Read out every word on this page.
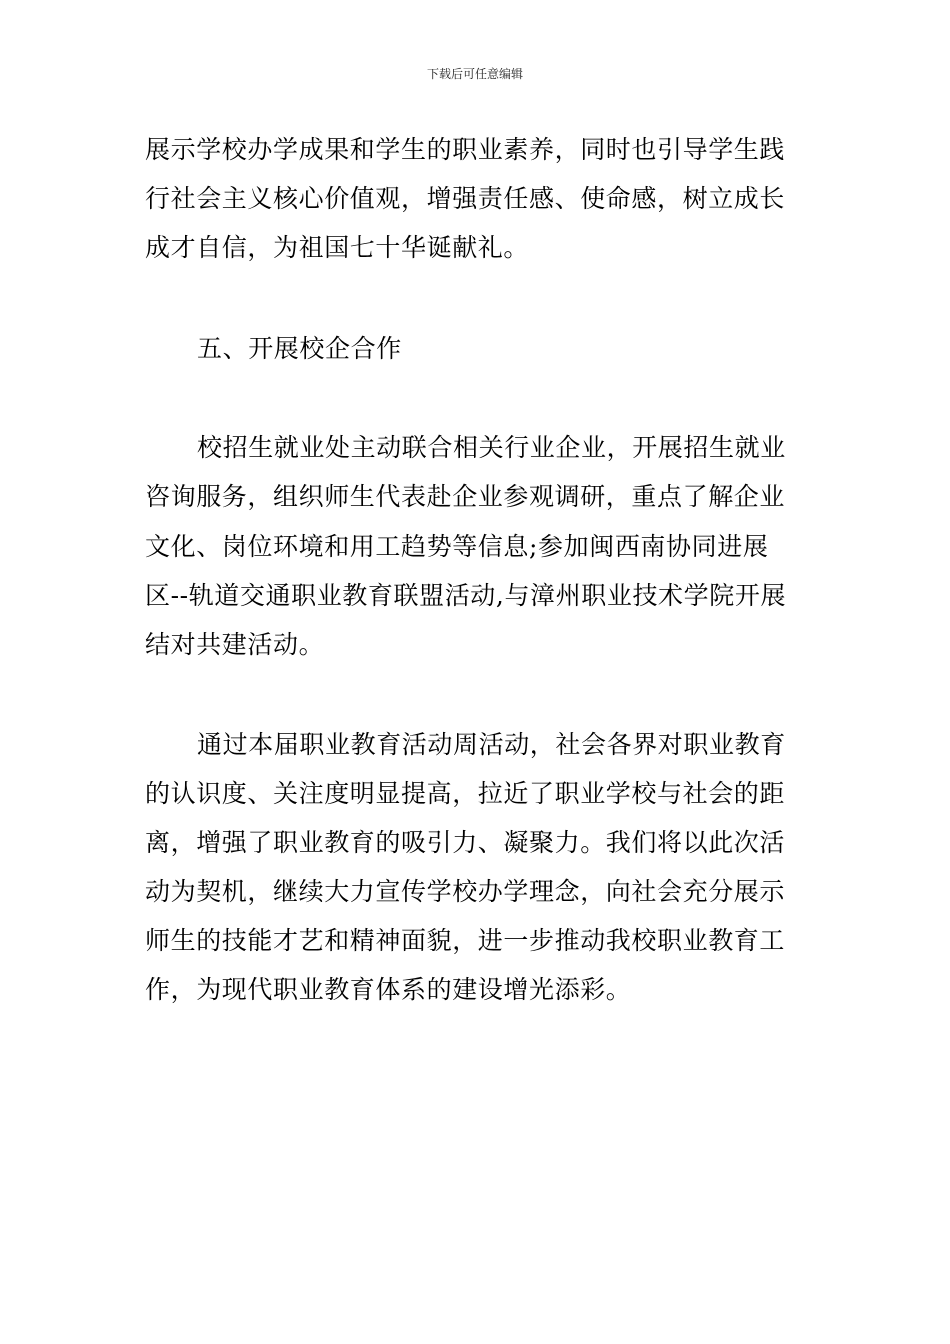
下载后可任意编辑
展示学校办学成果和学生的职业素养，同时也引导学生践
行社会主义核心价值观，增强责任感、使命感，树立成长
成才自信，为祖国七十华诞献礼。
五、开展校企合作
校招生就业处主动联合相关行业企业，开展招生就业
咨询服务，组织师生代表赴企业参观调研，重点了解企业
文化、岗位环境和用工趋势等信息;参加闽西南协同进展
区--轨道交通职业教育联盟活动,与漳州职业技术学院开展
结对共建活动。
通过本届职业教育活动周活动，社会各界对职业教育
的认识度、关注度明显提高，拉近了职业学校与社会的距
离，增强了职业教育的吸引力、凝聚力。我们将以此次活
动为契机，继续大力宣传学校办学理念，向社会充分展示
师生的技能才艺和精神面貌，进一步推动我校职业教育工
作，为现代职业教育体系的建设增光添彩。
